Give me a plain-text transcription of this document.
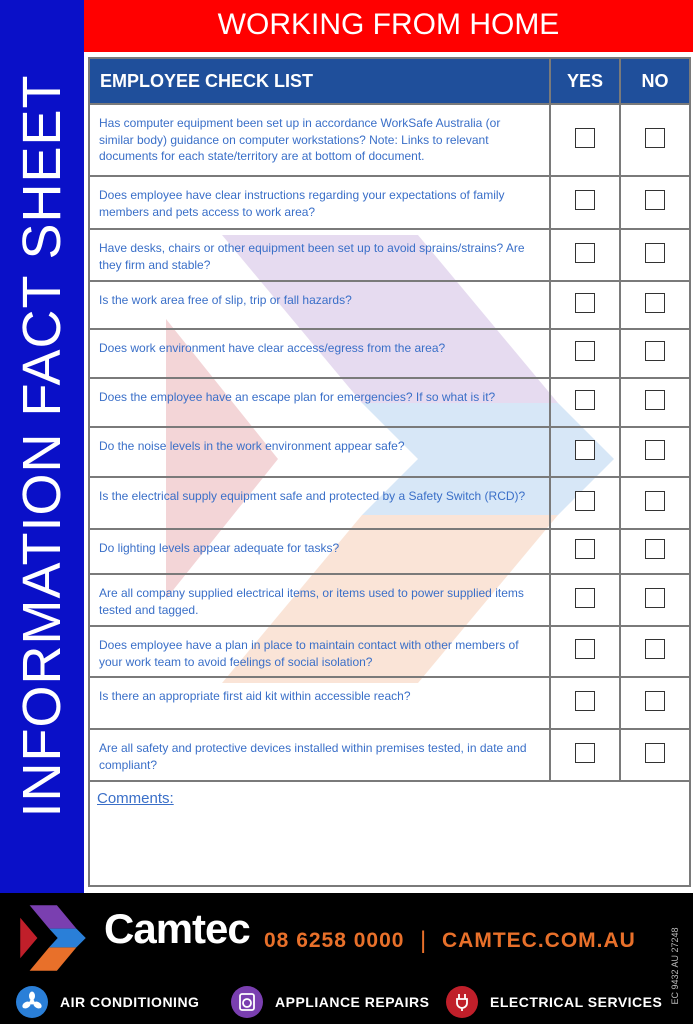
INFORMATION FACT SHEET
WORKING FROM HOME
EMPLOYEE CHECK LIST	YES	NO
Has computer equipment been set up in accordance WorkSafe Australia (or similar body) guidance on computer workstations? Note: Links to relevant documents for each state/territory are at bottom of document.		
Does employee have clear instructions regarding your expectations of family members and pets access to work area?		
Have desks, chairs or other equipment been set up to avoid sprains/strains? Are they firm and stable?		
Is the work area free of slip, trip or fall hazards?		
Does work environment have clear access/egress from the area?		
Does the employee have an escape plan for emergencies? If so what is it?		
Do the noise levels in the work environment appear safe?		
Is the electrical supply equipment safe and protected by a Safety Switch (RCD)?		
Do lighting levels appear adequate for tasks?		
Are all company supplied electrical items, or items used to power supplied items tested and tagged.		
Does employee have a plan in place to maintain contact with other members of your work team to avoid feelings of social isolation?		
Is there an appropriate first aid kit within accessible reach?		
Are all safety and protective devices installed within premises tested, in date and compliant?		
Comments:
Camtec 08 6258 0000 | CAMTEC.COM.AU	EC 9432 AU 27248
AIR CONDITIONING	APPLIANCE REPAIRS	ELECTRICAL SERVICES
